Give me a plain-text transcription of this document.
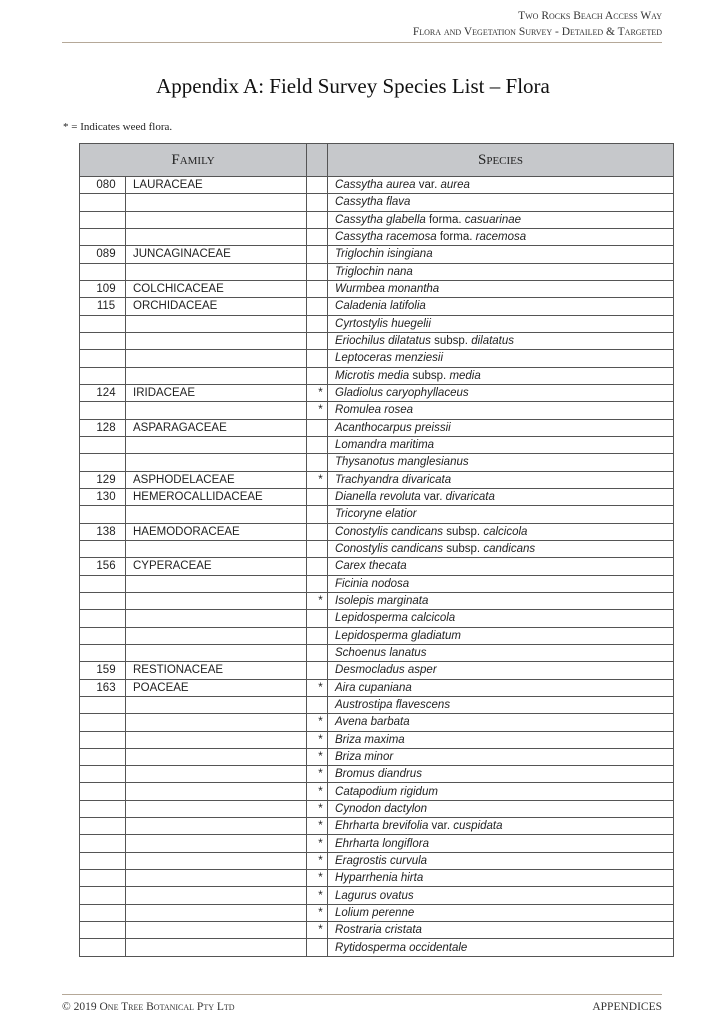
Two Rocks Beach Access Way
Flora and Vegetation Survey - Detailed & Targeted
Appendix A: Field Survey Species List – Flora
* = Indicates weed flora.
Family			Species
080	LAURACEAE		Cassytha aurea var. aurea
			Cassytha flava
			Cassytha glabella forma. casuarinae
			Cassytha racemosa forma. racemosa
089	JUNCAGINACEAE		Triglochin isingiana
			Triglochin nana
109	COLCHICACEAE		Wurmbea monantha
115	ORCHIDACEAE		Caladenia latifolia
			Cyrtostylis huegelii
			Eriochilus dilatatus subsp. dilatatus
			Leptoceras menziesii
			Microtis media subsp. media
124	IRIDACEAE	*	Gladiolus caryophyllaceus
		*	Romulea rosea
128	ASPARAGACEAE		Acanthocarpus preissii
			Lomandra maritima
			Thysanotus manglesianus
129	ASPHODELACEAE	*	Trachyandra divaricata
130	HEMEROCALLIDACEAE		Dianella revoluta var. divaricata
			Tricoryne elatior
138	HAEMODORACEAE		Conostylis candicans subsp. calcicola
			Conostylis candicans subsp. candicans
156	CYPERACEAE		Carex thecata
			Ficinia nodosa
		*	Isolepis marginata
			Lepidosperma calcicola
			Lepidosperma gladiatum
			Schoenus lanatus
159	RESTIONACEAE		Desmocladus asper
163	POACEAE	*	Aira cupaniana
			Austrostipa flavescens
		*	Avena barbata
		*	Briza maxima
		*	Briza minor
		*	Bromus diandrus
		*	Catapodium rigidum
		*	Cynodon dactylon
		*	Ehrharta brevifolia var. cuspidata
		*	Ehrharta longiflora
		*	Eragrostis curvula
		*	Hyparrhenia hirta
		*	Lagurus ovatus
		*	Lolium perenne
		*	Rostraria cristata
			Rytidosperma occidentale
© 2019 One Tree Botanical Pty Ltd	APPENDICES
